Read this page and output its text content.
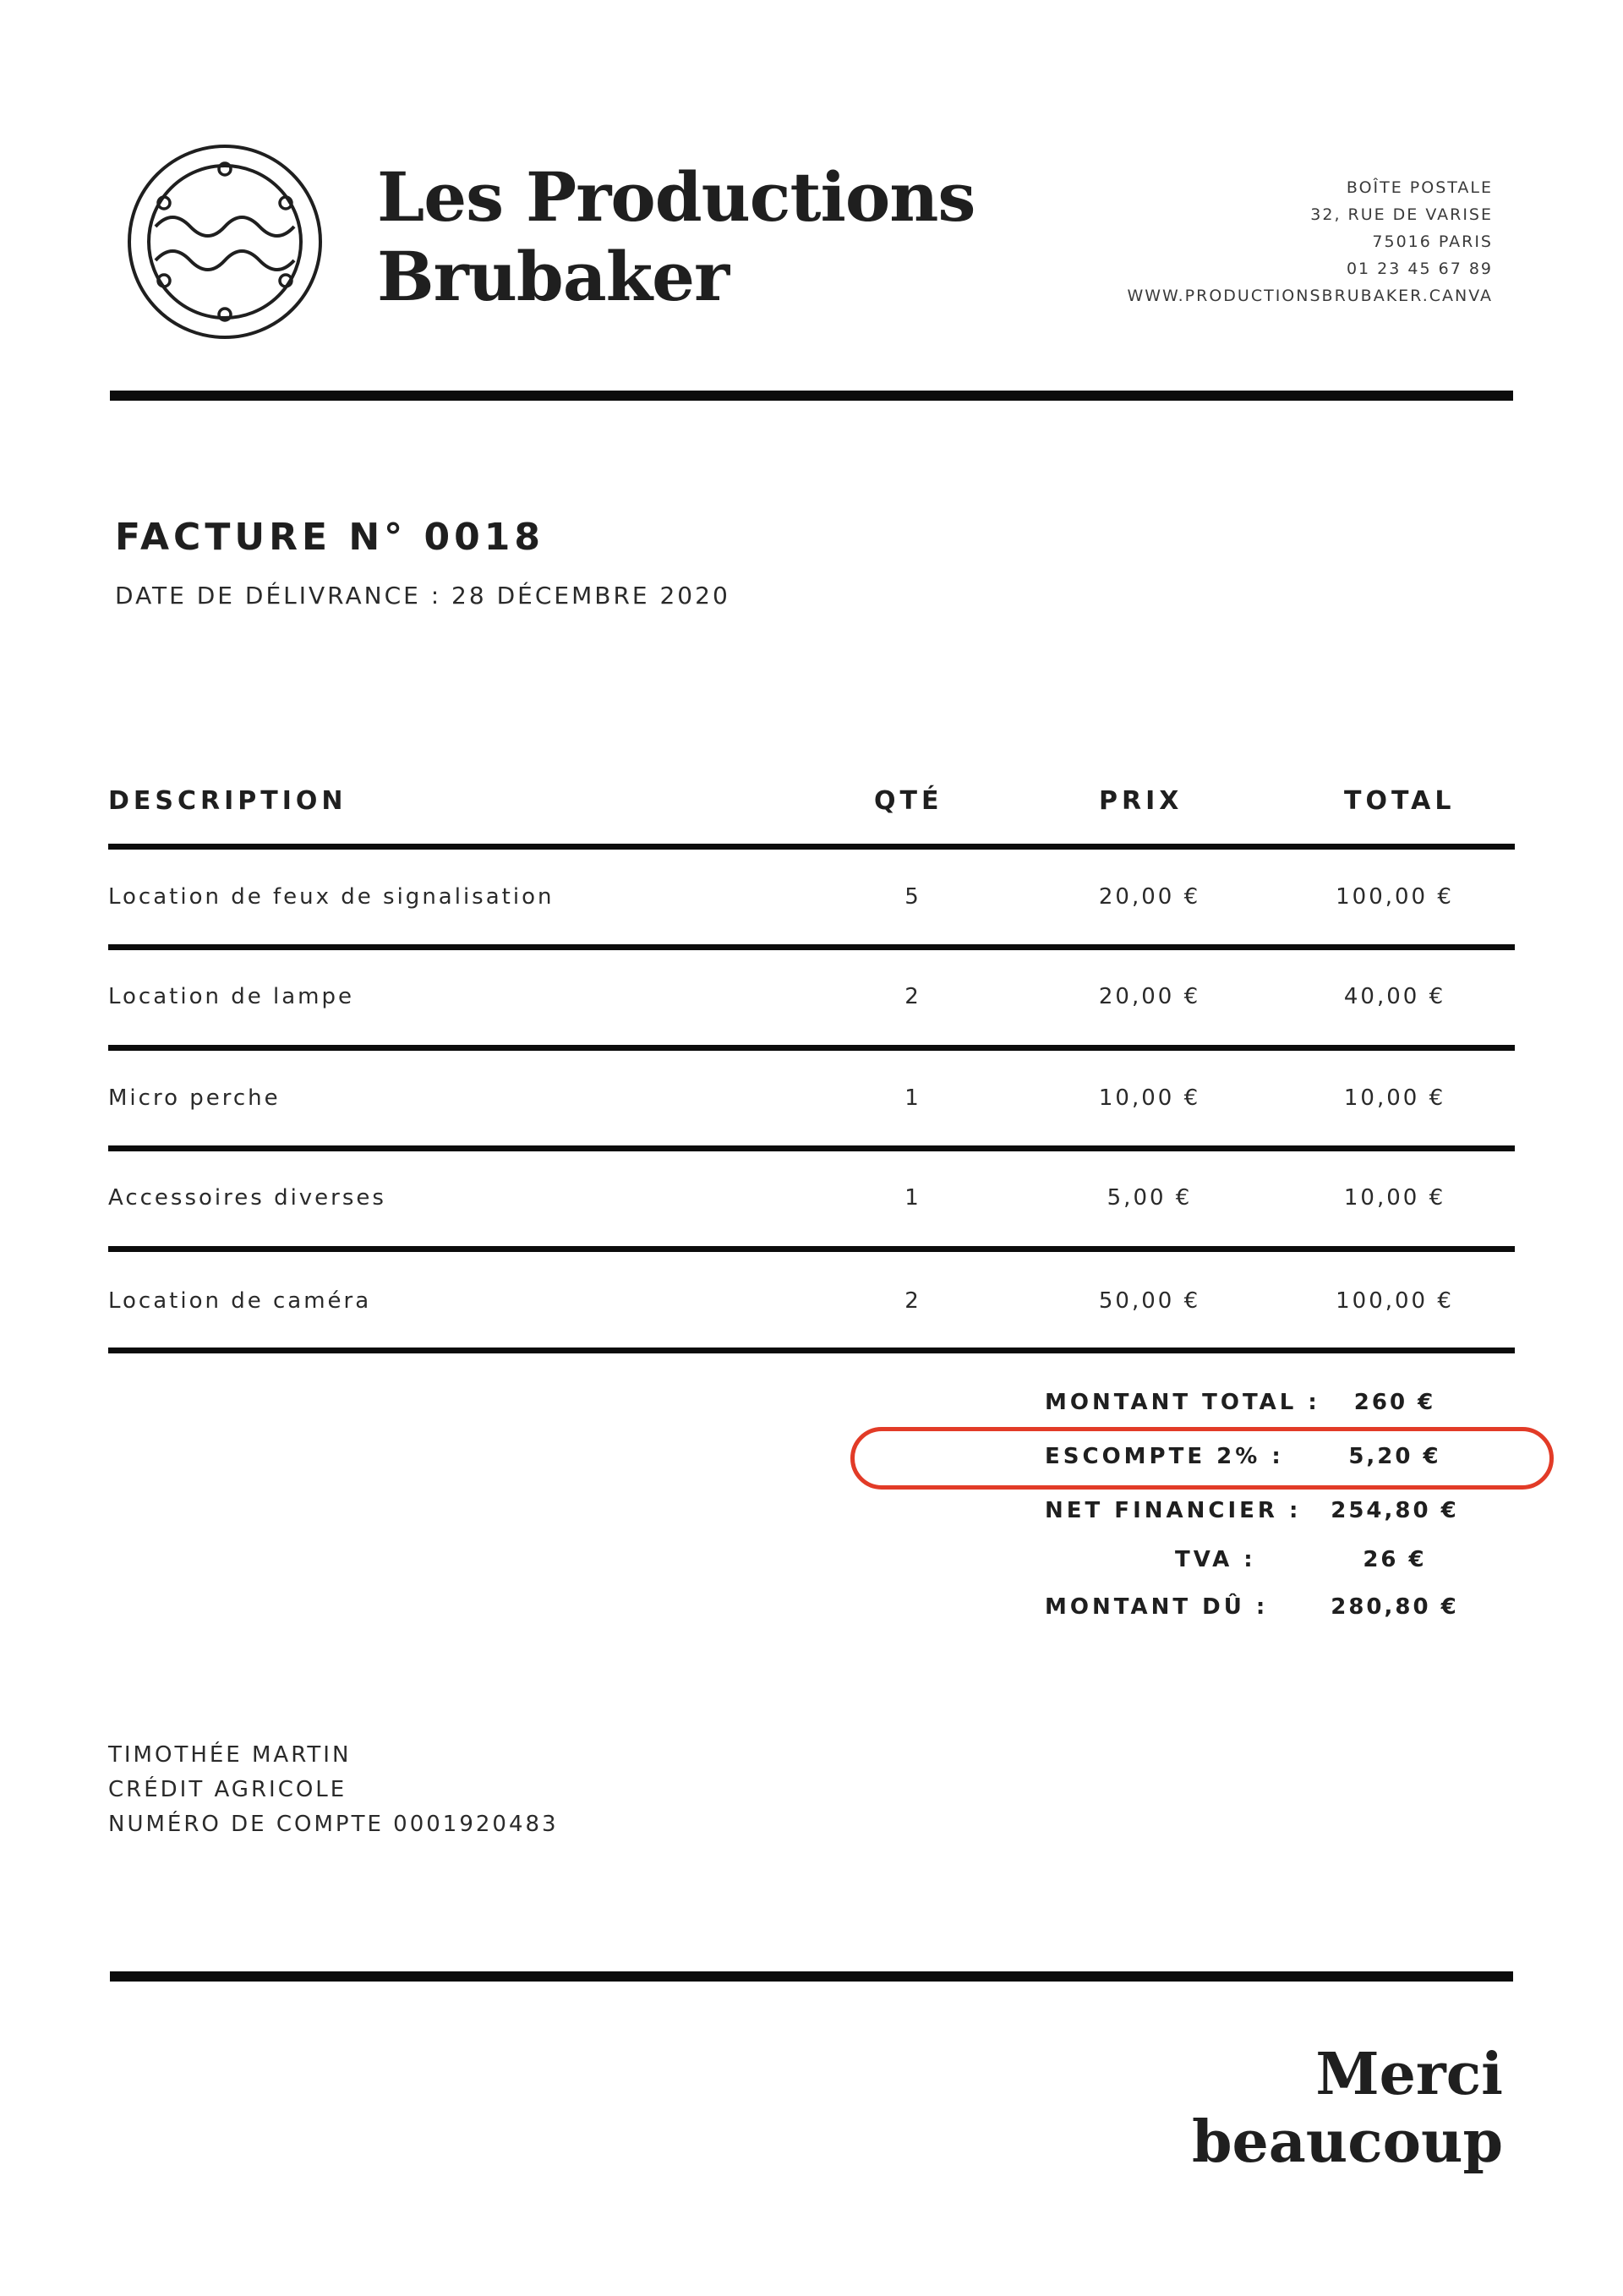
Les Productions
Brubaker
BOÎTE POSTALE
32, RUE DE VARISE
75016 PARIS
01 23 45 67 89
WWW.PRODUCTIONSBRUBAKER.CANVA
FACTURE N° 0018
DATE DE DÉLIVRANCE : 28 DÉCEMBRE 2020
DESCRIPTION	QTÉ	PRIX	TOTAL
Location de feux de signalisation	5	20,00 €	100,00 €
Location de lampe	2	20,00 €	40,00 €
Micro perche	1	10,00 €	10,00 €
Accessoires diverses	1	5,00 €	10,00 €
Location de caméra	2	50,00 €	100,00 €
MONTANT TOTAL :	260 €
ESCOMPTE 2% :	5,20 €
NET FINANCIER :	254,80 €
TVA :	26 €
MONTANT DÛ :	280,80 €
TIMOTHÉE MARTIN
CRÉDIT AGRICOLE
NUMÉRO DE COMPTE 0001920483
Merci
beaucoup
